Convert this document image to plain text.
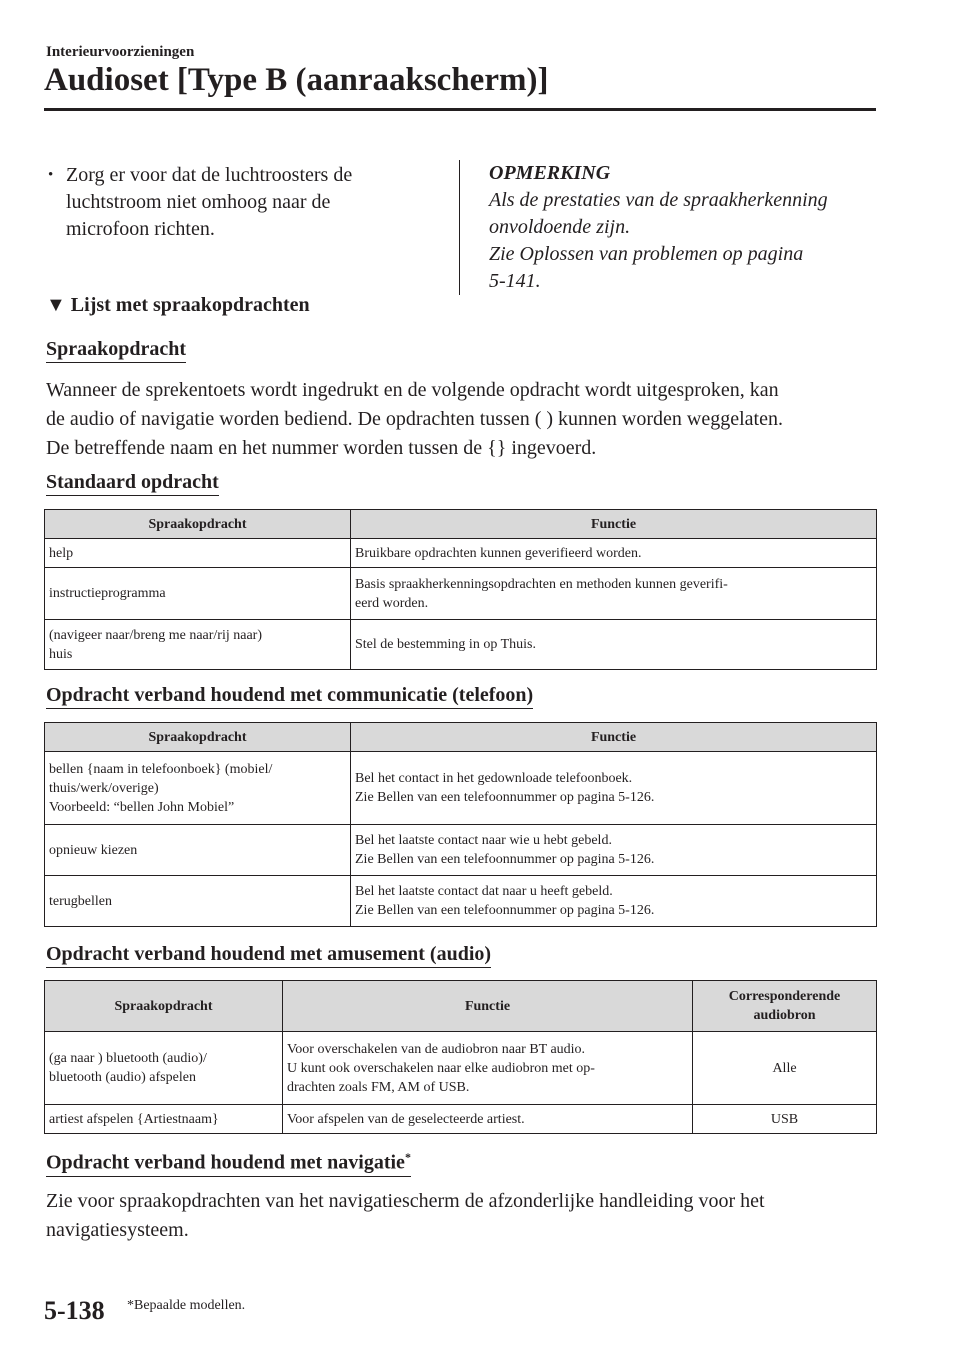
Interieurvoorzieningen
Audioset [Type B (aanraakscherm)]
• Zorg er voor dat de luchtroosters de
luchtstroom niet omhoog naar de
microfoon richten.
OPMERKING
Als de prestaties van de spraakherkenning
onvoldoende zijn.
Zie Oplossen van problemen op pagina
5-141.
▼ Lijst met spraakopdrachten
Spraakopdracht
Wanneer de sprekentoets wordt ingedrukt en de volgende opdracht wordt uitgesproken, kan
de audio of navigatie worden bediend. De opdrachten tussen ( ) kunnen worden weggelaten.
De betreffende naam en het nummer worden tussen de {} ingevoerd.
Standaard opdracht
Spraakopdracht	Functie

help	Bruikbare opdrachten kunnen geverifieerd worden.

instructieprogramma	Basis spraakherkenningsopdrachten en methoden kunnen geverifi-
eerd worden.

(navigeer naar/breng me naar/rij naar)
huis	Stel de bestemming in op Thuis.
Opdracht verband houdend met communicatie (telefoon)
Spraakopdracht	Functie

bellen {naam in telefoonboek} (mobiel/
thuis/werk/overige)
Voorbeeld: “bellen John Mobiel”	Bel het contact in het gedownloade telefoonboek.
Zie Bellen van een telefoonnummer op pagina 5-126.

opnieuw kiezen	Bel het laatste contact naar wie u hebt gebeld.
Zie Bellen van een telefoonnummer op pagina 5-126.

terugbellen	Bel het laatste contact dat naar u heeft gebeld.
Zie Bellen van een telefoonnummer op pagina 5-126.
Opdracht verband houdend met amusement (audio)
Spraakopdracht	Functie	Corresponderende
audiobron

(ga naar ) bluetooth (audio)/
bluetooth (audio) afspelen	Voor overschakelen van de audiobron naar BT audio.
U kunt ook overschakelen naar elke audiobron met op-
drachten zoals FM, AM of USB.	Alle

artiest afspelen {Artiestnaam}	Voor afspelen van de geselecteerde artiest.	USB
Opdracht verband houdend met navigatie*
Zie voor spraakopdrachten van het navigatiescherm de afzonderlijke handleiding voor het
navigatiesysteem.
5-138 *Bepaalde modellen.
